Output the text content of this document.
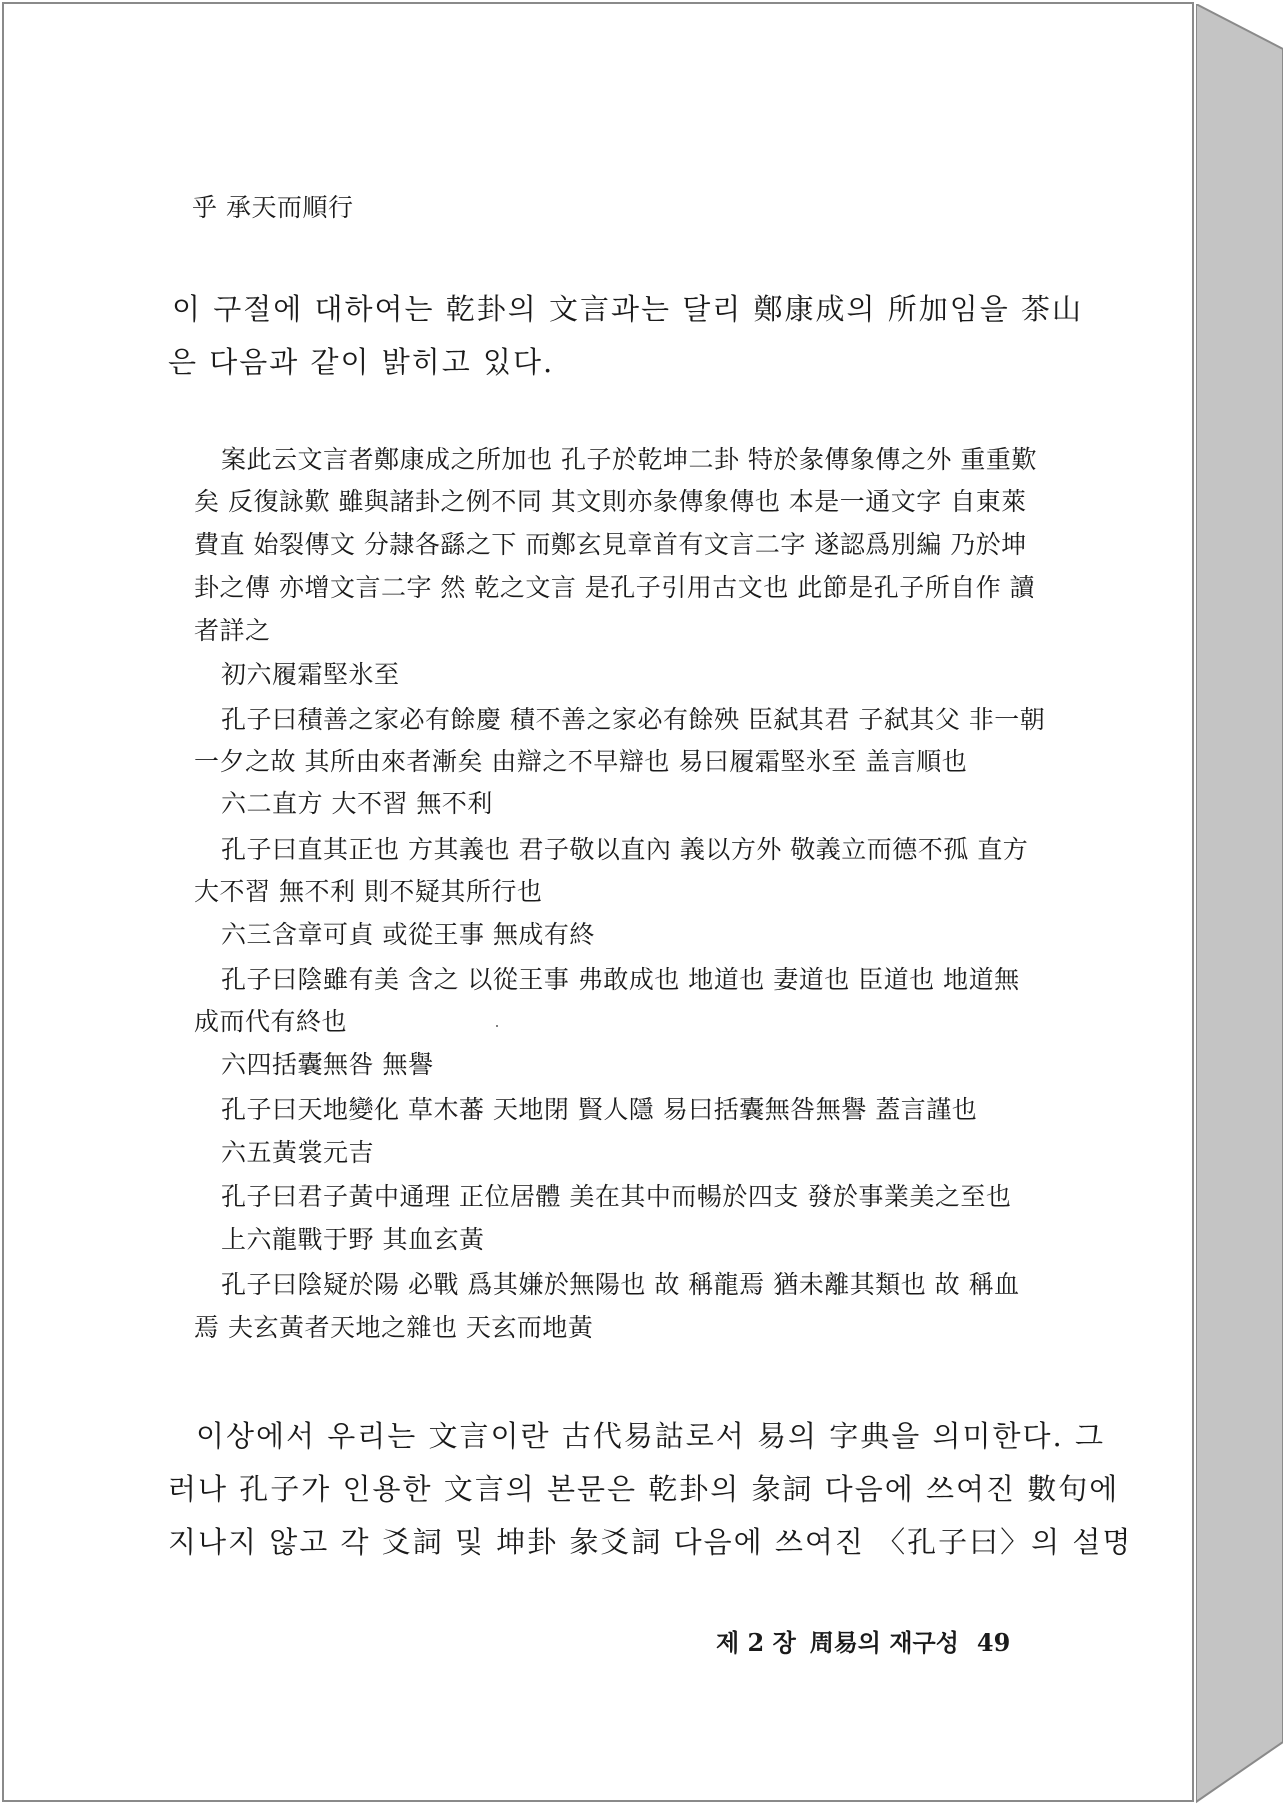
乎 承天而順行

이 구절에 대하여는 乾卦의 文言과는 달리 鄭康成의 所加임을 茶山

은 다음과 같이 밝히고 있다.

案此云文言者鄭康成之所加也 孔子於乾坤二卦 特於彖傳象傳之外 重重歎

矣 反復詠歎 雖與諸卦之例不同 其文則亦彖傳象傳也 本是一通文字 自東萊

費直 始裂傳文 分隷各繇之下 而鄭玄見章首有文言二字 遂認爲別編 乃於坤

卦之傳 亦增文言二字 然 乾之文言 是孔子引用古文也 此節是孔子所自作 讀

者詳之

初六履霜堅氷至

孔子曰積善之家必有餘慶 積不善之家必有餘殃 臣弑其君 子弑其父 非一朝

一夕之故 其所由來者漸矣 由辯之不早辯也 易曰履霜堅氷至 盖言順也

六二直方 大不習 無不利

孔子曰直其正也 方其義也 君子敬以直內 義以方外 敬義立而德不孤 直方

大不習 無不利 則不疑其所行也

六三含章可貞 或從王事 無成有終

孔子曰陰雖有美 含之 以從王事 弗敢成也 地道也 妻道也 臣道也 地道無

成而代有終也

六四括囊無咎 無譽

孔子曰天地變化 草木蕃 天地閉 賢人隱 易曰括囊無咎無譽 蓋言謹也

六五黃裳元吉

孔子曰君子黃中通理 正位居體 美在其中而暢於四支 發於事業美之至也

上六龍戰于野 其血玄黃

孔子曰陰疑於陽 必戰 爲其嫌於無陽也 故 稱龍焉 猶未離其類也 故 稱血

焉 夫玄黃者天地之雜也 天玄而地黃

이상에서 우리는 文言이란 古代易詁로서 易의 字典을 의미한다. 그

러나 孔子가 인용한 文言의 본문은 乾卦의 彖詞 다음에 쓰여진 數句에

지나지 않고 각 爻詞 및 坤卦 彖爻詞 다음에 쓰여진 〈孔子曰〉의 설명

제 2 장 周易의 재구성 49
